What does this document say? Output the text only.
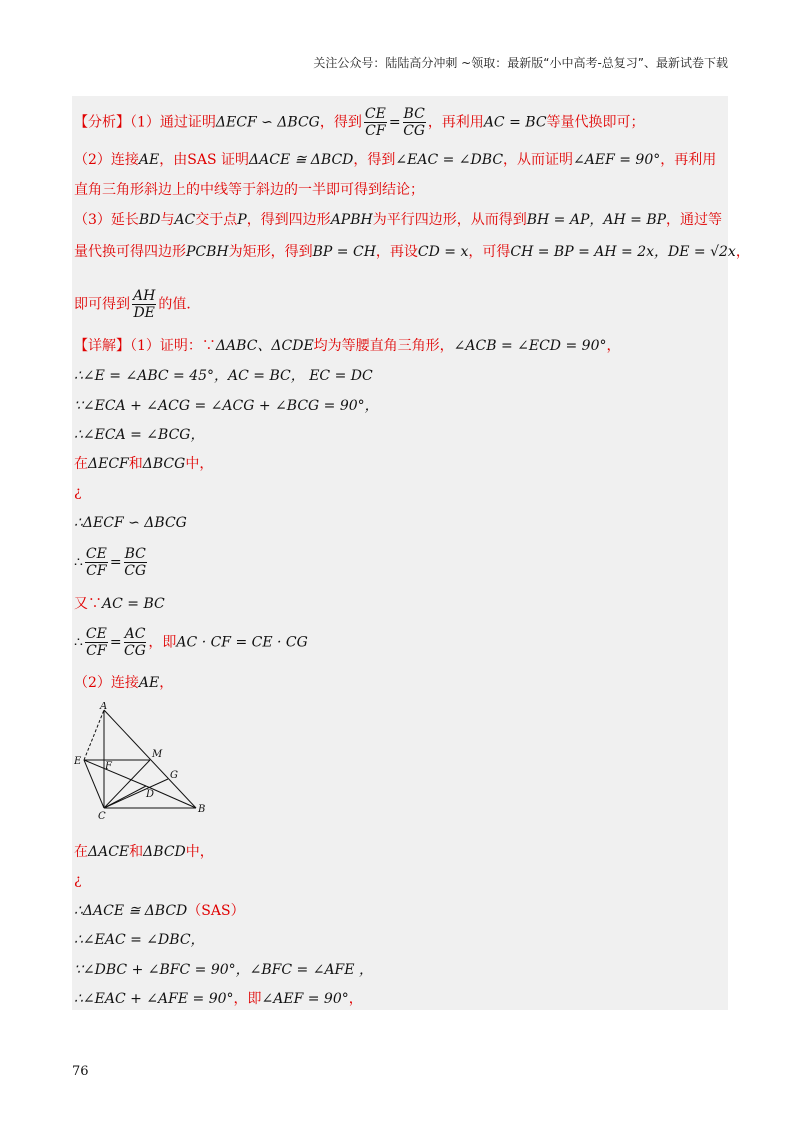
关注公众号：陆陆高分冲刺 ~领取：最新版“小中高考-总复习”、最新试卷下载
【分析】（1）通过证明ΔECF ∽ ΔBCG，得到 $\frac{CE}{CF} = \frac{BC}{CG}$ ，再利用AC = BC等量代换即可；
（2）连接AE，由SAS 证明ΔACE ≅ ΔBCD，得到∠EAC = ∠DBC，从而证明∠AEF = 90°，再利用
直角三角形斜边上的中线等于斜边的一半即可得到结论；
（3）延长BD与AC交于点P，得到四边形APBH为平行四边形，从而得到BH = AP，AH = BP，通过等
量代换可得四边形PCBH为矩形，得到BP = CH，再设CD = x，可得CH = BP = AH = 2x，DE = √2x，
即可得到 $\frac{AH}{DE}$ 的值．
【详解】（1）证明：∵ΔABC、ΔCDE均为等腰直角三角形，∠ACB = ∠ECD = 90°，
∴∠E = ∠ABC = 45°，AC = BC， EC = DC
∵∠ECA + ∠ACG = ∠ACG + ∠BCG = 90°，
∴∠ECA = ∠BCG，
在ΔECF和ΔBCG中，
¿
∴ΔECF ∽ ΔBCG
∴ $\frac{CE}{CF} = \frac{BC}{CG}$
又∵AC = BC
∴ $\frac{CE}{CF} = \frac{AC}{CG}$ ，即AC · CF = CE · CG
（2）连接AE，
A
E F
M
G
D
C
B
在ΔACE和ΔBCD中，
¿
∴ΔACE ≅ ΔBCD（SAS）
∴∠EAC = ∠DBC，
∵∠DBC + ∠BFC = 90°，∠BFC = ∠AFE ，
∴∠EAC + ∠AFE = 90°，即∠AEF = 90°，
76
